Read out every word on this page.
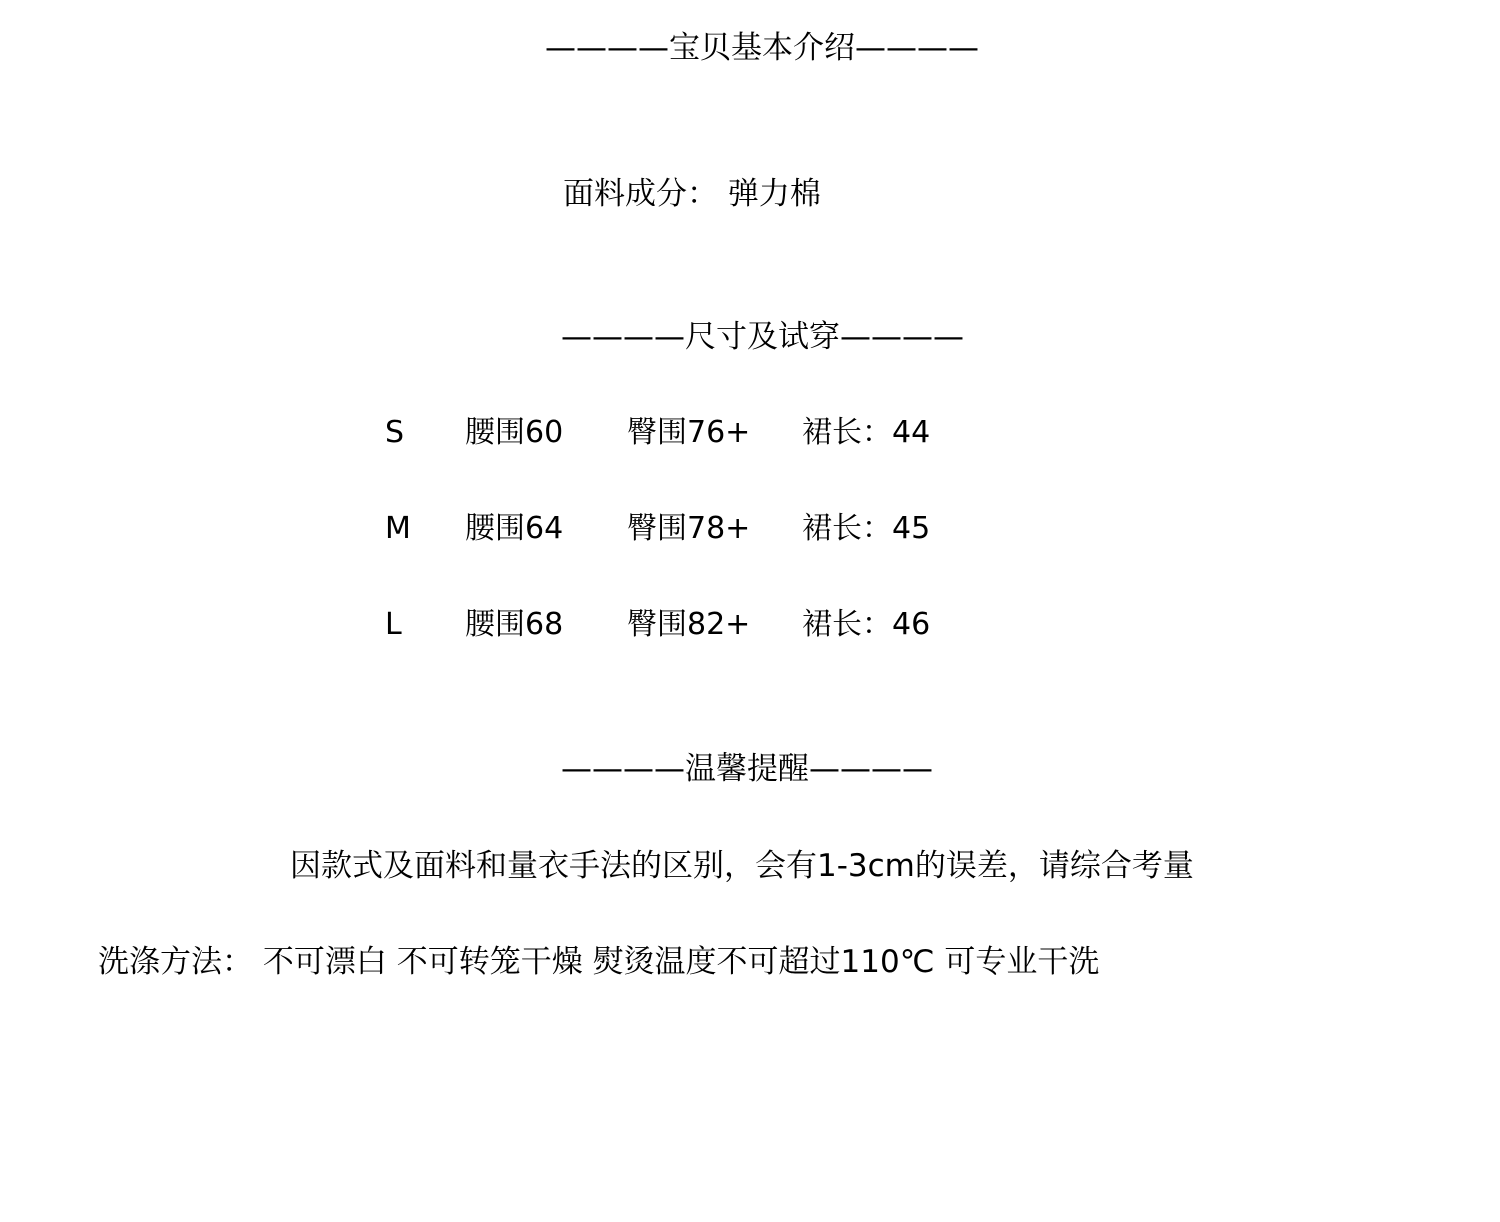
————宝贝基本介绍————
面料成分： 弹力棉
————尺寸及试穿————
S 腰围60 臀围76+ 裙长：44
M 腰围64 臀围78+ 裙长：45
L 腰围68 臀围82+ 裙长：46
————温馨提醒————
因款式及面料和量衣手法的区别，会有1-3cm的误差，请综合考量
洗涤方法： 不可漂白 不可转笼干燥 熨烫温度不可超过110℃ 可专业干洗
